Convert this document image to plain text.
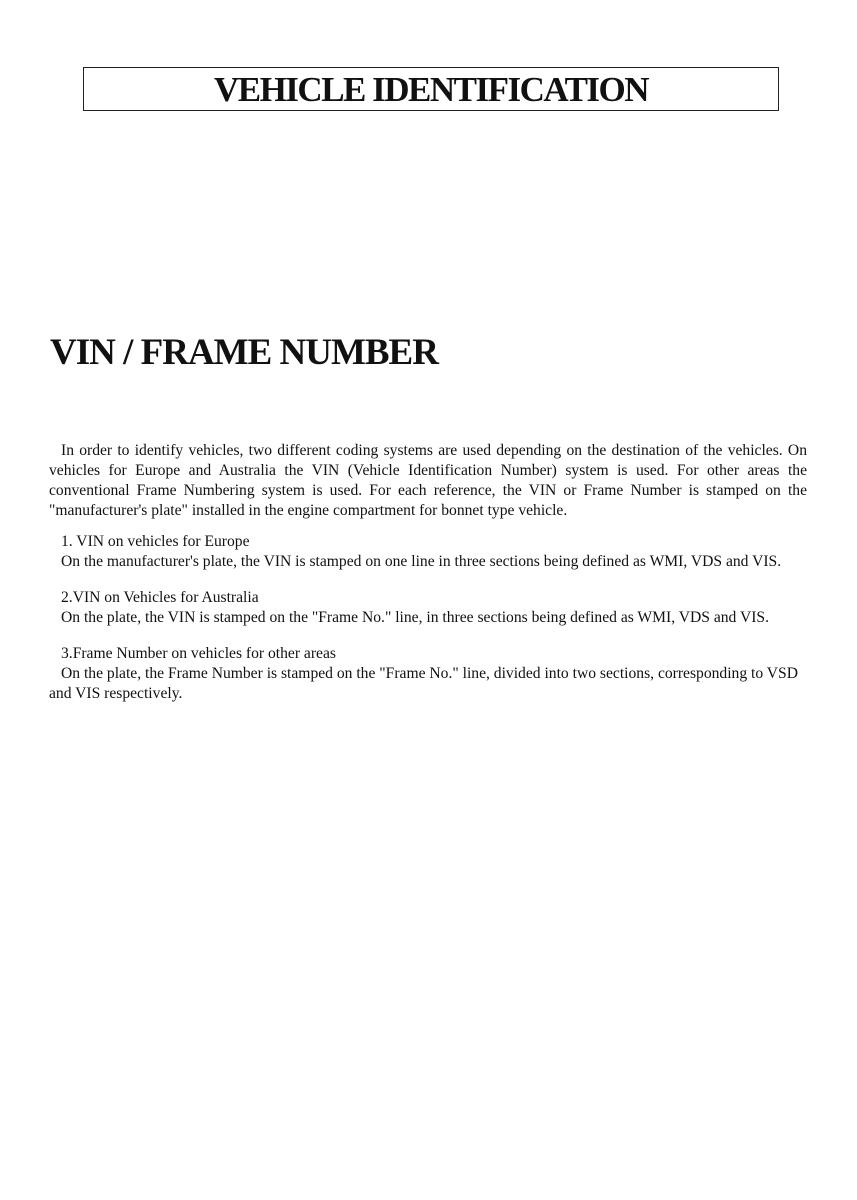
VEHICLE IDENTIFICATION
VIN / FRAME NUMBER
In order to identify vehicles, two different coding systems are used depending on the destination of the vehicles. On vehicles for Europe and Australia the VIN (Vehicle Identification Number) system is used. For other areas the conventional Frame Numbering system is used. For each reference, the VIN or Frame Number is stamped on the "manufacturer's plate" installed in the engine compartment for bonnet type vehicle.
1. VIN on vehicles for Europe
On the manufacturer's plate, the VIN is stamped on one line in three sections being defined as WMI, VDS and VIS.
2.VIN on Vehicles for Australia
On the plate, the VIN is stamped on the "Frame No." line, in three sections being defined as WMI, VDS and VIS.
3.Frame Number on vehicles for other areas
On the plate, the Frame Number is stamped on the "Frame No." line, divided into two sections, corresponding to VSD and VIS respectively.
